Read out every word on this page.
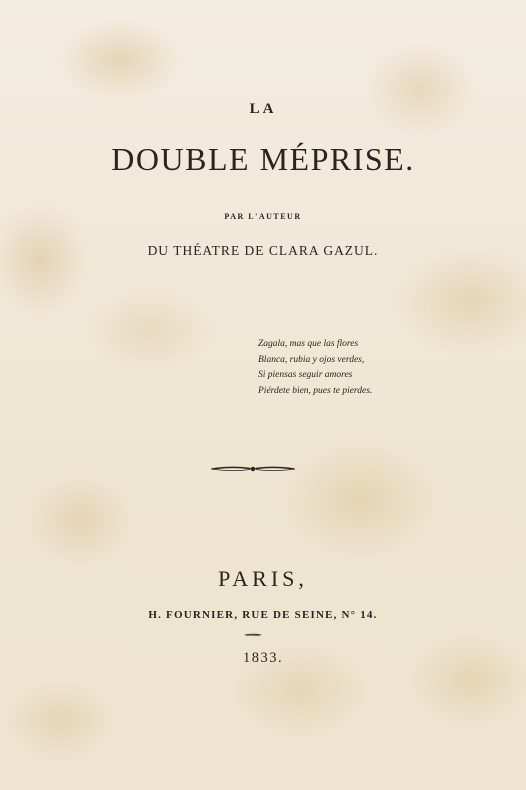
LA
DOUBLE MÉPRISE.
PAR L'AUTEUR
DU THÉATRE DE CLARA GAZUL.
Zagala, mas que las flores
Blanca, rubia y ojos verdes,
Si piensas seguir amores
Piérdete bien, pues te pierdes.
PARIS,
H. FOURNIER, RUE DE SEINE, N° 14.
1833.
